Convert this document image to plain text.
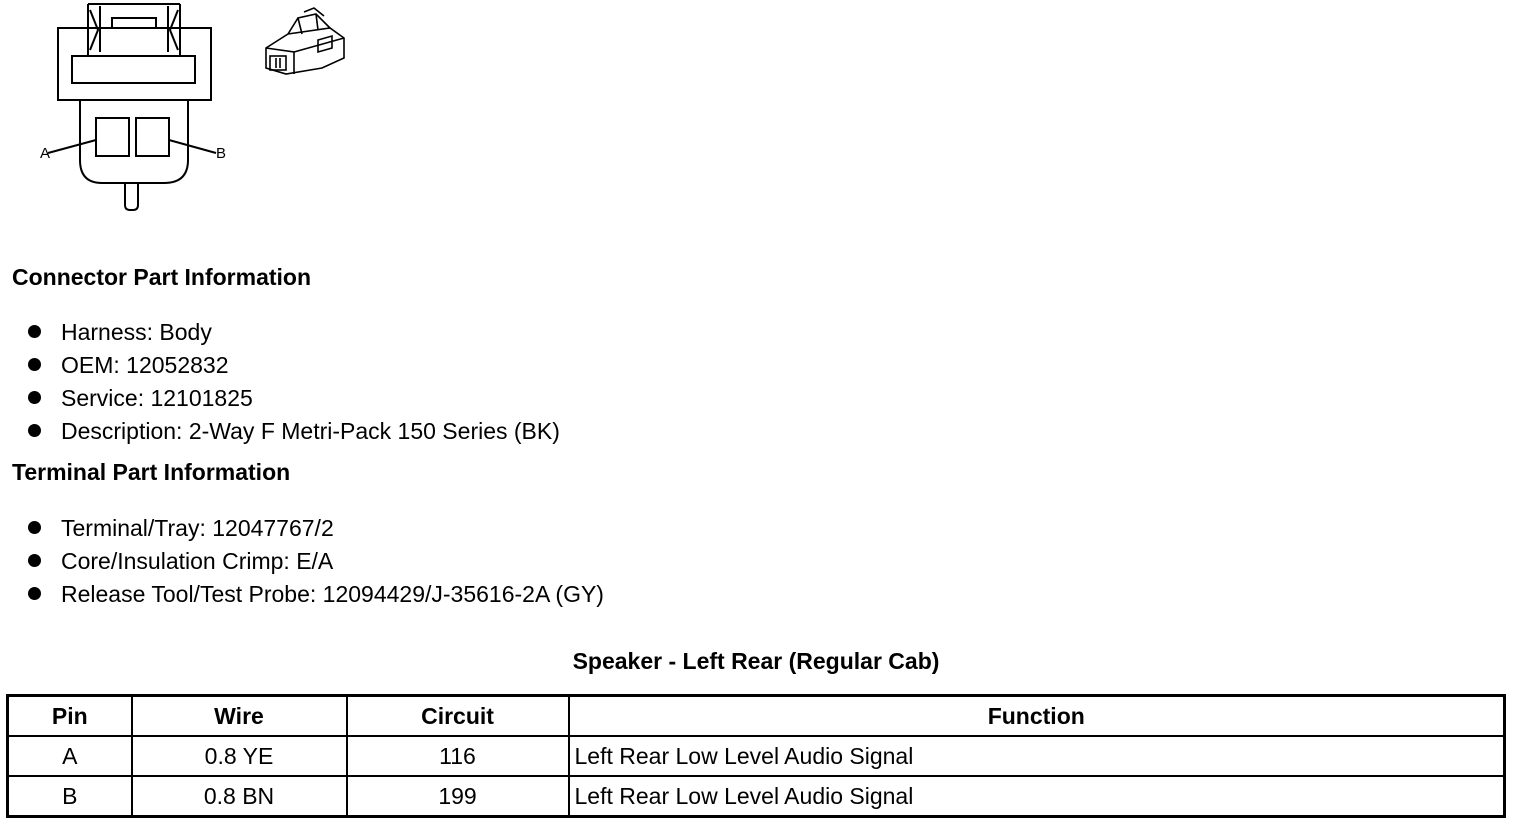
A	B
Connector Part Information
Harness: Body
OEM: 12052832
Service: 12101825
Description: 2-Way F Metri-Pack 150 Series (BK)
Terminal Part Information
Terminal/Tray: 12047767/2
Core/Insulation Crimp: E/A
Release Tool/Test Probe: 12094429/J-35616-2A (GY)
Speaker - Left Rear (Regular Cab)
Pin	Wire	Circuit	Function
A	0.8 YE	116	Left Rear Low Level Audio Signal
B	0.8 BN	199	Left Rear Low Level Audio Signal
